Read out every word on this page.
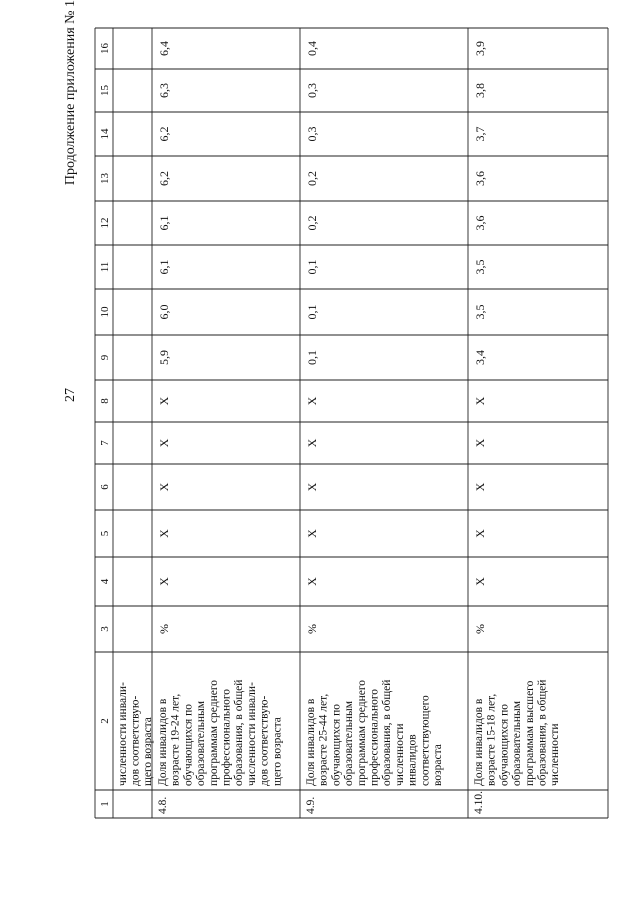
Продолжение приложения № 1
27
1
2
3
4
5
6
7
8
9
10
11
12
13
14
15
16
численности инвали- дов соответствую- щего возраста
4.8.
Доля инвалидов в возрасте 19-24 лет, обучающихся по образовательным программам среднего профессионального образования, в общей численности инвали- дов соответствую- щего возраста
%
X
X
X
X
X
5,9
6,0
6,1
6,1
6,2
6,2
6,3
6,4
4.9.
Доля инвалидов в возрасте 25-44 лет, обучающихся по образовательным программам среднего профессионального образования, в общей численности инвалидов соответствующего возраста
%
X
X
X
X
X
0,1
0,1
0,1
0,2
0,2
0,3
0,3
0,4
4.10.
Доля инвалидов в возрасте 15-18 лет, обучающихся по образовательным программам высшего образования, в общей численности
%
X
X
X
X
X
3,4
3,5
3,5
3,6
3,6
3,7
3,8
3,9
